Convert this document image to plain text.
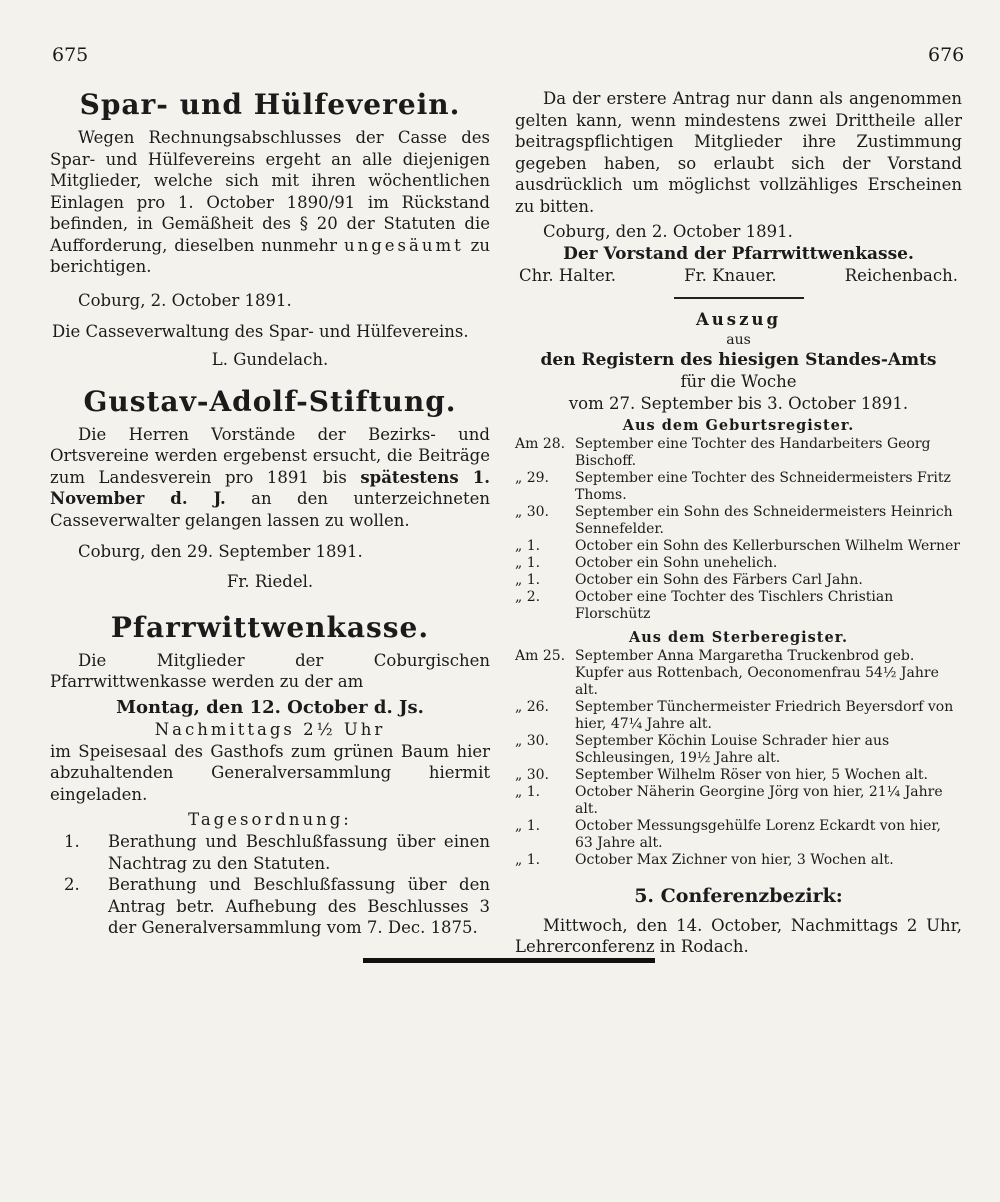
675	676
Spar- und Hülfeverein.

Wegen Rechnungsabschlusses der Casse des Spar- und Hülfevereins ergeht an alle diejenigen Mitglieder, welche sich mit ihren wöchentlichen Einlagen pro 1. October 1890/91 im Rückstand befinden, in Gemäßheit des § 20 der Statuten die Aufforderung, dieselben nunmehr ungesäumt zu berichtigen.

Coburg, 2. October 1891.

Die Casseverwaltung des Spar- und Hülfevereins.

L. Gundelach.

Gustav-Adolf-Stiftung.

Die Herren Vorstände der Bezirks- und Ortsvereine werden ergebenst ersucht, die Beiträge zum Landesverein pro 1891 bis spätestens 1. November d. J. an den unterzeichneten Casseverwalter gelangen lassen zu wollen.

Coburg, den 29. September 1891.

Fr. Riedel.

Pfarrwittwenkasse.

Die Mitglieder der Coburgischen Pfarrwittwenkasse werden zu der am

Montag, den 12. October d. Js.

Nachmittags 2½ Uhr

im Speisesaal des Gasthofs zum grünen Baum hier abzuhaltenden Generalversammlung hiermit eingeladen.

Tagesordnung:

1.	Berathung und Beschlußfassung über einen Nachtrag zu den Statuten.
2.	Berathung und Beschlußfassung über den Antrag betr. Aufhebung des Beschlusses 3 der Generalversammlung vom 7. Dec. 1875.

Da der erstere Antrag nur dann als angenommen gelten kann, wenn mindestens zwei Drittheile aller beitragspflichtigen Mitglieder ihre Zustimmung gegeben haben, so erlaubt sich der Vorstand ausdrücklich um möglichst vollzähliges Erscheinen zu bitten.

Coburg, den 2. October 1891.

Der Vorstand der Pfarrwittwenkasse.

Chr. Halter.	Fr. Knauer.	Reichenbach.

Auszug

aus

den Registern des hiesigen Standes-Amts

für die Woche

vom 27. September bis 3. October 1891.

Aus dem Geburtsregister.

Am 28. September eine Tochter des Handarbeiters Georg Bischoff.
„ 29.	September eine Tochter des Schneidermeisters Fritz Thoms.
„ 30.	September ein Sohn des Schneidermeisters Heinrich Sennefelder.
„ 1.	October ein Sohn des Kellerburschen Wilhelm Werner
„ 1.	October ein Sohn unehelich.
„ 1.	October ein Sohn des Färbers Carl Jahn.
„ 2.	October eine Tochter des Tischlers Christian Florschütz

Aus dem Sterberegister.

Am 25. September Anna Margaretha Truckenbrod geb. Kupfer aus Rottenbach, Oeconomenfrau 54½ Jahre alt.
„ 26.	September Tünchermeister Friedrich Beyersdorf von hier, 47¼ Jahre alt.
„ 30.	September Köchin Louise Schrader hier aus Schleusingen, 19½ Jahre alt.
„ 30.	September Wilhelm Röser von hier, 5 Wochen alt.
„ 1.	October Näherin Georgine Jörg von hier, 21¼ Jahre alt.
„ 1.	October Messungsgehülfe Lorenz Eckardt von hier, 63 Jahre alt.
„ 1.	October Max Zichner von hier, 3 Wochen alt.

5. Conferenzbezirk:

Mittwoch, den 14. October, Nachmittags 2 Uhr, Lehrerconferenz in Rodach.
